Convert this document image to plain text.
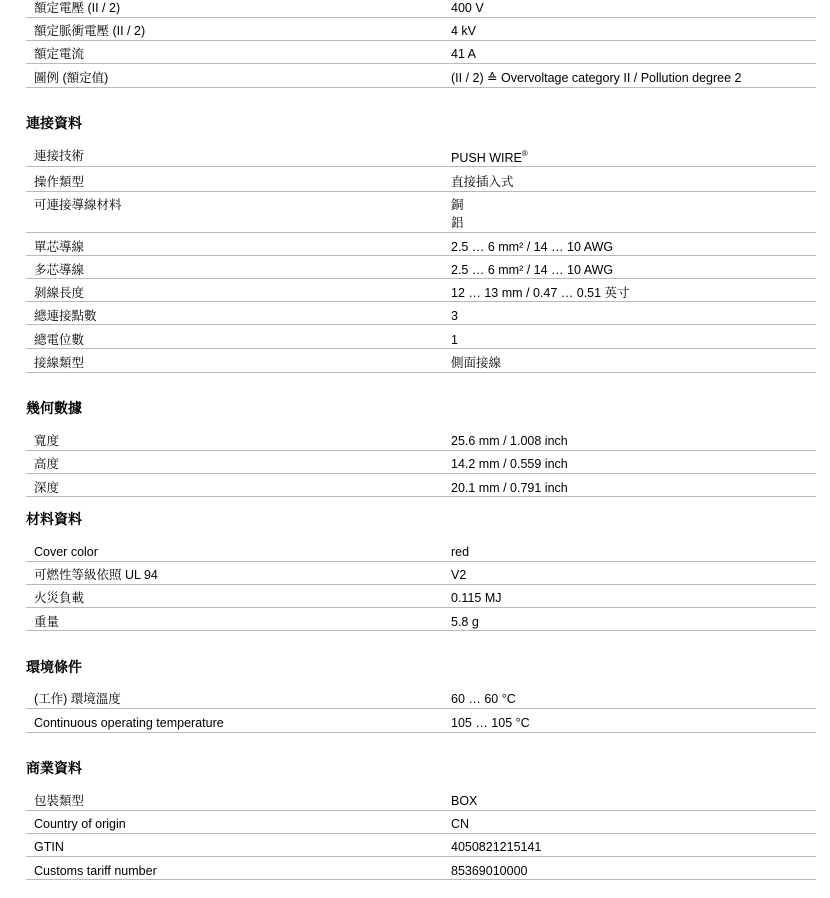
額定電壓 (II / 2)	400 V
額定脈衝電壓 (II / 2)	4 kV
額定電流	41 A
圖例 (額定值)	(II / 2) ≙ Overvoltage category II / Pollution degree 2
連接資料
連接技術	PUSH WIRE®
操作類型	直接插入式
可連接導線材料	銅
鋁
單芯導線	2.5 … 6 mm² / 14 … 10 AWG
多芯導線	2.5 … 6 mm² / 14 … 10 AWG
剝線長度	12 … 13 mm / 0.47 … 0.51 英寸
總連接點數	3
總電位數	1
接線類型	側面接線
幾何數據
寬度	25.6 mm / 1.008 inch
高度	14.2 mm / 0.559 inch
深度	20.1 mm / 0.791 inch
材料資料
Cover color	red
可燃性等級依照 UL 94	V2
火災負載	0.115 MJ
重量	5.8 g
環境條件
(工作) 環境溫度	60 … 60 °C
Continuous operating temperature	105 … 105 °C
商業資料
包裝類型	BOX
Country of origin	CN
GTIN	4050821215141
Customs tariff number	85369010000
